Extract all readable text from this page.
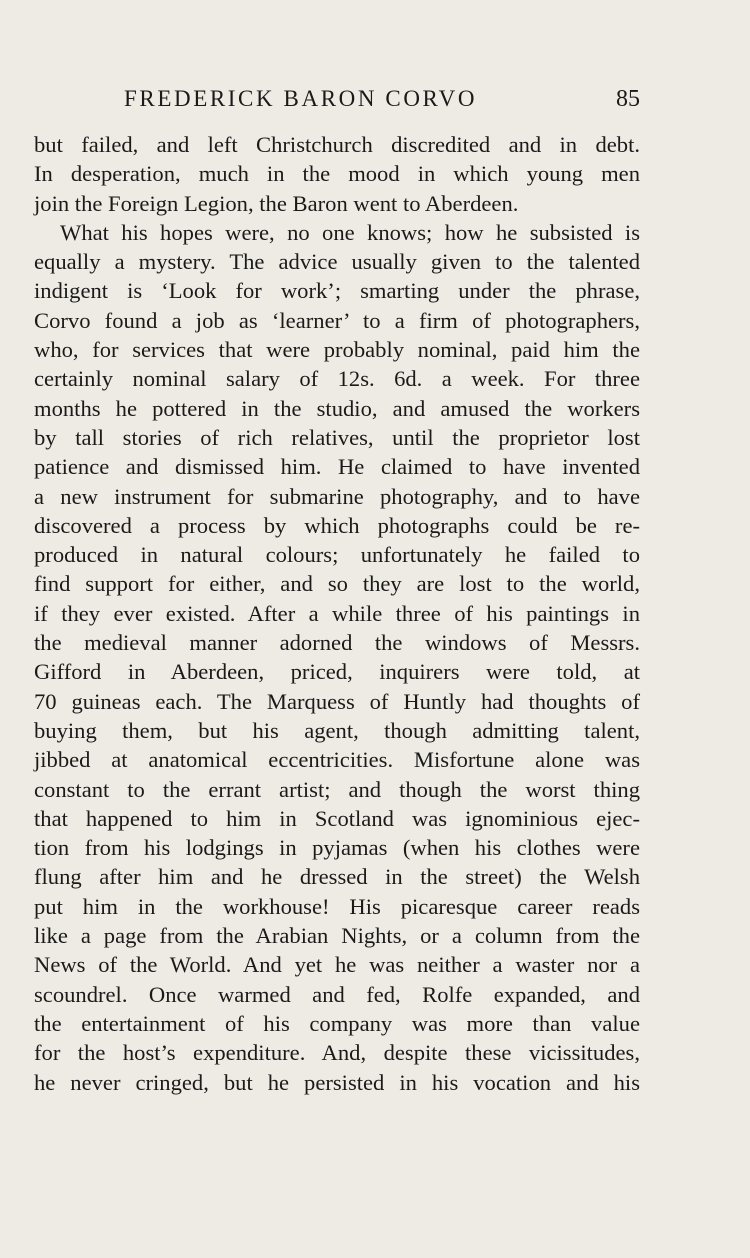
FREDERICK BARON CORVO	85
but failed, and left Christchurch discredited and in debt.
In desperation, much in the mood in which young men
join the Foreign Legion, the Baron went to Aberdeen.
What his hopes were, no one knows; how he subsisted is
equally a mystery. The advice usually given to the talented
indigent is ‘Look for work’; smarting under the phrase,
Corvo found a job as ‘learner’ to a firm of photographers,
who, for services that were probably nominal, paid him the
certainly nominal salary of 12s. 6d. a week. For three
months he pottered in the studio, and amused the workers
by tall stories of rich relatives, until the proprietor lost
patience and dismissed him. He claimed to have invented
a new instrument for submarine photography, and to have
discovered a process by which photographs could be re-
produced in natural colours; unfortunately he failed to
find support for either, and so they are lost to the world,
if they ever existed. After a while three of his paintings in
the medieval manner adorned the windows of Messrs.
Gifford in Aberdeen, priced, inquirers were told, at
70 guineas each. The Marquess of Huntly had thoughts of
buying them, but his agent, though admitting talent,
jibbed at anatomical eccentricities. Misfortune alone was
constant to the errant artist; and though the worst thing
that happened to him in Scotland was ignominious ejec-
tion from his lodgings in pyjamas (when his clothes were
flung after him and he dressed in the street) the Welsh
put him in the workhouse! His picaresque career reads
like a page from the Arabian Nights, or a column from the
News of the World. And yet he was neither a waster nor a
scoundrel. Once warmed and fed, Rolfe expanded, and
the entertainment of his company was more than value
for the host’s expenditure. And, despite these vicissitudes,
he never cringed, but he persisted in his vocation and his
